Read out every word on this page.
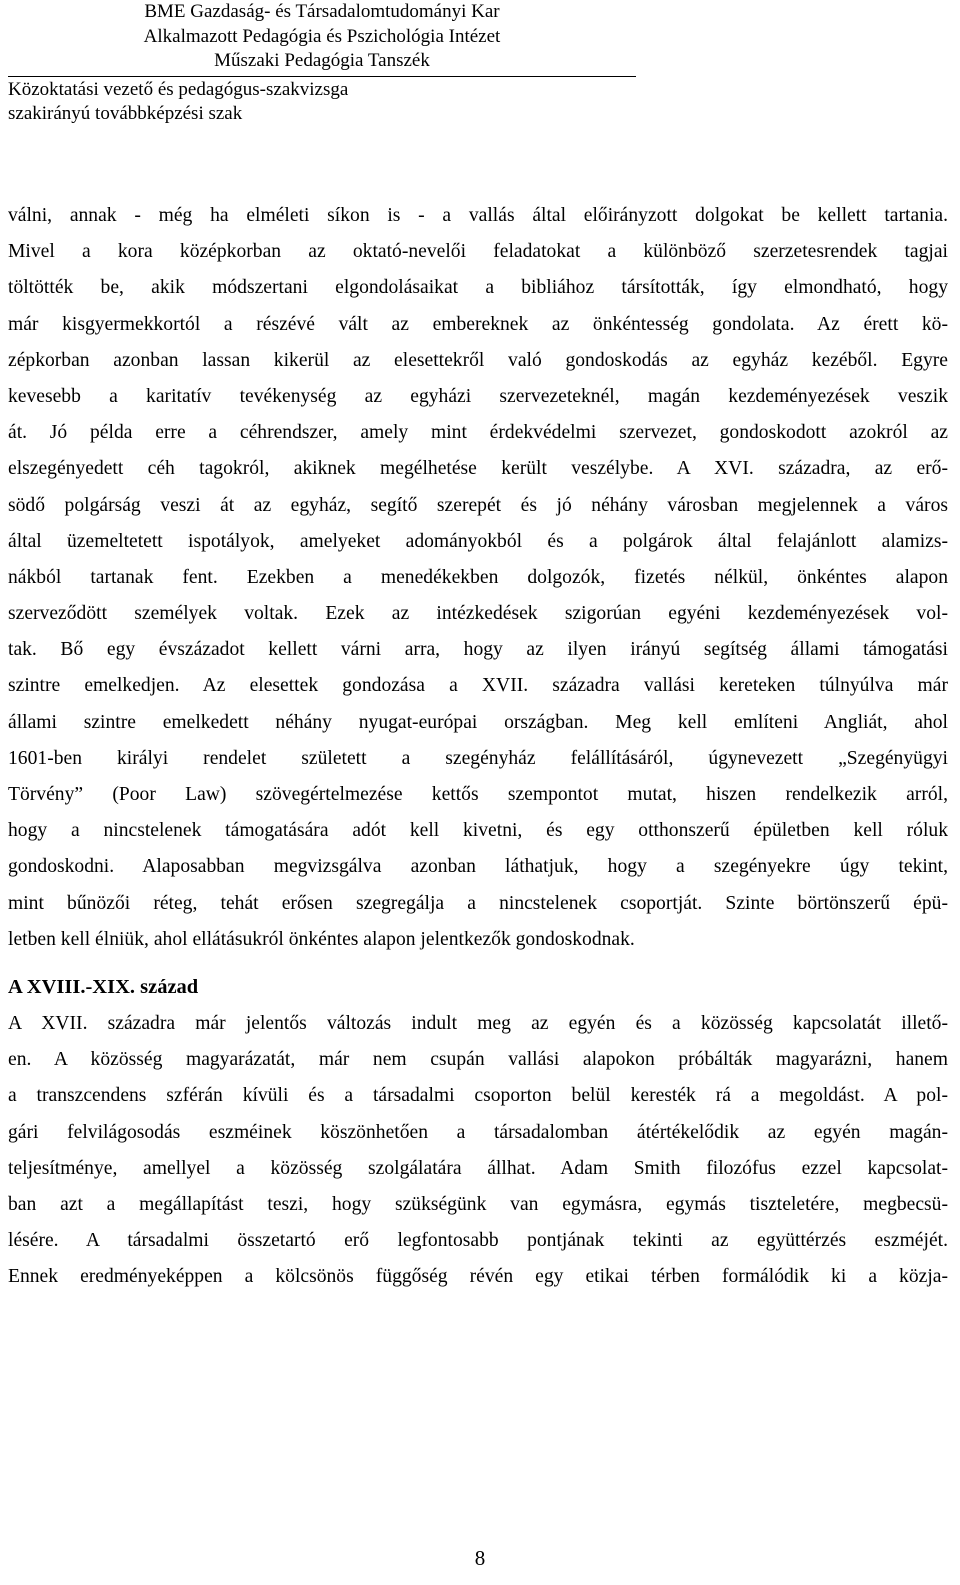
BME Gazdaság- és Társadalomtudományi Kar
Alkalmazott Pedagógia és Pszichológia Intézet
Műszaki Pedagógia Tanszék
Közoktatási vezető és pedagógus-szakvizsga
szakirányú továbbképzési szak
válni, annak - még ha elméleti síkon is - a vallás által előirányzott dolgokat be kellett tartania.
Mivel a kora középkorban az oktató-nevelői feladatokat a különböző szerzetesrendek tagjai
töltötték be, akik módszertani elgondolásaikat a bibliához társították, így elmondható, hogy
már kisgyermekkortól a részévé vált az embereknek az önkéntesség gondolata. Az érett kö-
zépkorban azonban lassan kikerül az elesettekről való gondoskodás az egyház kezéből. Egyre
kevesebb a karitatív tevékenység az egyházi szervezeteknél, magán kezdeményezések veszik
át. Jó példa erre a céhrendszer, amely mint érdekvédelmi szervezet, gondoskodott azokról az
elszegényedett céh tagokról, akiknek megélhetése került veszélybe. A XVI. századra, az erő-
södő polgárság veszi át az egyház, segítő szerepét és jó néhány városban megjelennek a város
által üzemeltetett ispotályok, amelyeket adományokból és a polgárok által felajánlott alamizs-
nákból tartanak fent. Ezekben a menedékekben dolgozók, fizetés nélkül, önkéntes alapon
szerveződött személyek voltak. Ezek az intézkedések szigorúan egyéni kezdeményezések vol-
tak. Bő egy évszázadot kellett várni arra, hogy az ilyen irányú segítség állami támogatási
szintre emelkedjen. Az elesettek gondozása a XVII. századra vallási kereteken túlnyúlva már
állami szintre emelkedett néhány nyugat-európai országban. Meg kell említeni Angliát, ahol
1601-ben királyi rendelet született a szegényház felállításáról, úgynevezett „Szegényügyi
Törvény” (Poor Law) szövegértelmezése kettős szempontot mutat, hiszen rendelkezik arról,
hogy a nincstelenek támogatására adót kell kivetni, és egy otthonszerű épületben kell róluk
gondoskodni. Alaposabban megvizsgálva azonban láthatjuk, hogy a szegényekre úgy tekint,
mint bűnözői réteg, tehát erősen szegregálja a nincstelenek csoportját. Szinte börtönszerű épü-
letben kell élniük, ahol ellátásukról önkéntes alapon jelentkezők gondoskodnak.
A XVIII.-XIX. század
A XVII. századra már jelentős változás indult meg az egyén és a közösség kapcsolatát illető-
en. A közösség magyarázatát, már nem csupán vallási alapokon próbálták magyarázni, hanem
a transzcendens szférán kívüli és a társadalmi csoporton belül keresték rá a megoldást. A pol-
gári felvilágosodás eszméinek köszönhetően a társadalomban átértékelődik az egyén magán-
teljesítménye, amellyel a közösség szolgálatára állhat. Adam Smith filozófus ezzel kapcsolat-
ban azt a megállapítást teszi, hogy szükségünk van egymásra, egymás tiszteletére, megbecsü-
lésére. A társadalmi összetartó erő legfontosabb pontjának tekinti az együttérzés eszméjét.
Ennek eredményeképpen a kölcsönös függőség révén egy etikai térben formálódik ki a közja-
8
